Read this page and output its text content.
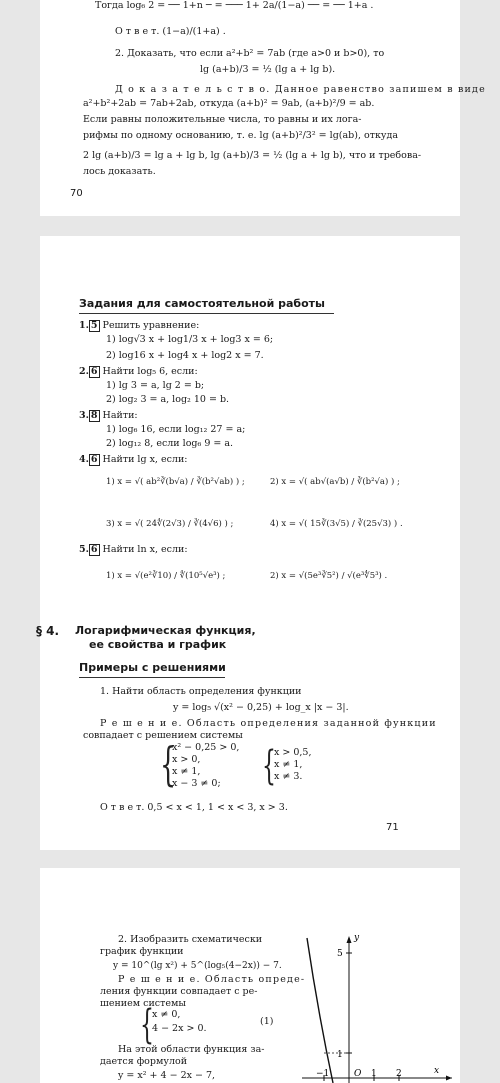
Тогда log₆ 2 = ── 1+n ─ = ─── 1+ 2a/(1−a) ── = ── 1+a .
О т в е т. (1−a)/(1+a) .
2. Доказать, что если a²+b² = 7ab (где a>0 и b>0), то
lg (a+b)/3 = ½ (lg a + lg b).
Д о к а з а т е л ь с т в о. Данное равенство запишем в виде
a²+b²+2ab = 7ab+2ab, откуда (a+b)² = 9ab, (a+b)²/9 = ab.
Если равны положительные числа, то равны и их лога-
рифмы по одному основанию, т. е. lg (a+b)²/3² = lg(ab), откуда
2 lg (a+b)/3 = lg a + lg b, lg (a+b)/3 = ½ (lg a + lg b), что и требова-
лось доказать.
70
Задания для самостоятельной работы
1. 5 Решить уравнение:
1) log√3 x + log1/3 x + log3 x = 6;
2) log16 x + log4 x + log2 x = 7.
2. 6 Найти log₅ 6, если:
1) lg 3 = a, lg 2 = b;
2) log₂ 3 = a, log₂ 10 = b.
3. 8 Найти:
1) log₆ 16, если log₁₂ 27 = a;
2) log₁₂ 8, если log₆ 9 = a.
4. 6 Найти lg x, если:
1) x = √( ab²∛(b√a) / ∛(b²√ab) ) ;	2) x = √( ab√(a√b) / ∛(b²√a) ) ;
3) x = √( 24∜(2√3) / ∛(4√6) ) ;	4) x = √( 15∛(3√5) / ∛(25√3) ) .
5. 6 Найти ln x, если:
1) x = √(e²∛10) / ∜(10⁵√e³) ;	2) x = √(5e³∛5²) / √(e³∜5³) .
§ 4. Логарифмическая функция,
ее свойства и график
Примеры с решениями
1. Найти область определения функции
y = log₅ √(x² − 0,25) + log_x |x − 3|.
Р е ш е н и е. Область определения заданной функции
совпадает с решением системы
{
x² − 0,25 > 0,
x > 0,
x ≠ 1,
x − 3 ≠ 0; {
x > 0,5,
x ≠ 1,
x ≠ 3.
О т в е т. 0,5 < x < 1, 1 < x < 3, x > 3.
71
2. Изобразить схематически
график функции
y = 10^(lg x²) + 5^(log₅(4−2x)) − 7.
Р е ш е н и е. Область опреде-
ления функции совпадает с ре-
шением системы
{
x ≠ 0,
4 − 2x > 0.
(1)
На этой области функция за-
дается формулой
y = x² + 4 − 2x − 7,
y
x
5
1
O
−1	1 2
